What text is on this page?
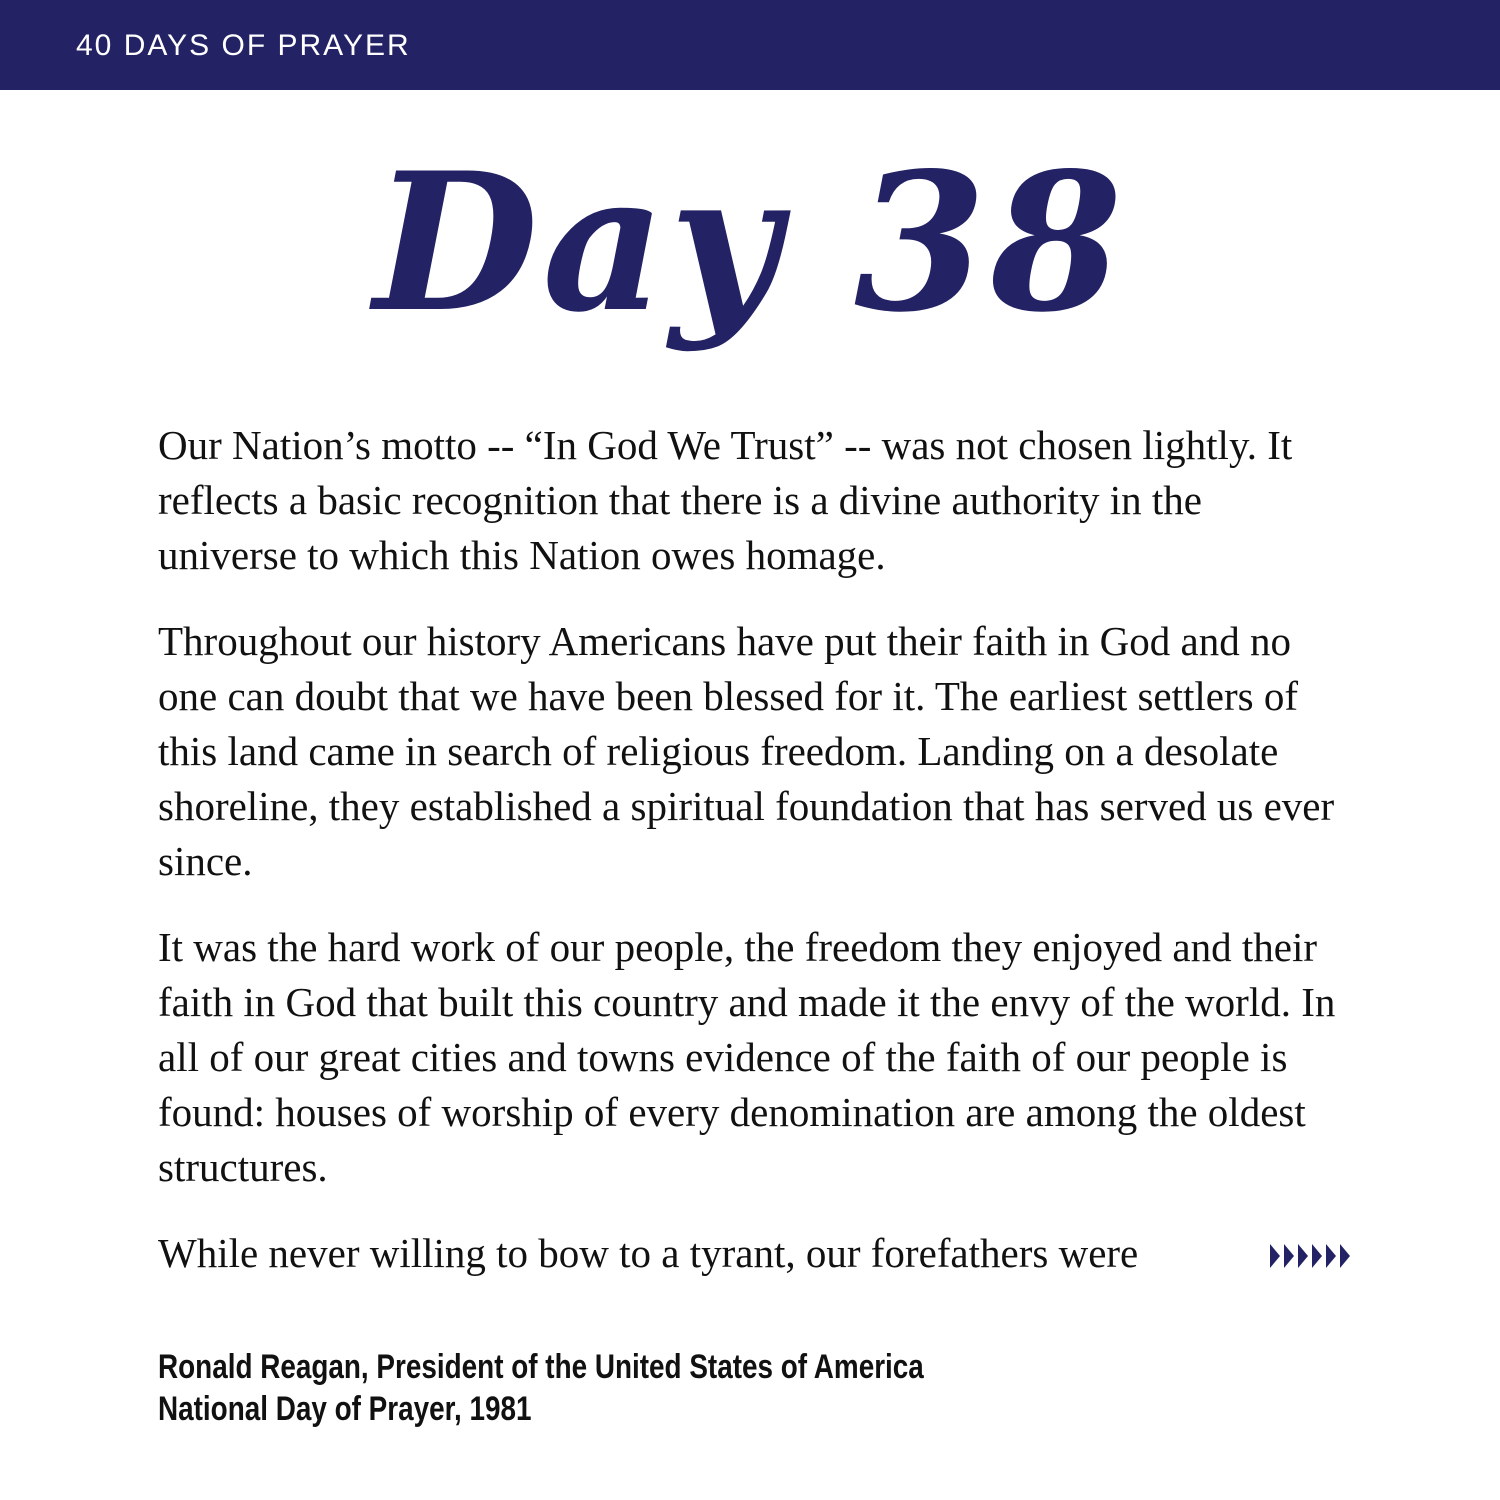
40 DAYS OF PRAYER
Day 38

Our Nation’s motto -- “In God We Trust” -- was not chosen lightly. It reflects a basic recognition that there is a divine authority in the universe to which this Nation owes homage.

Throughout our history Americans have put their faith in God and no one can doubt that we have been blessed for it. The earliest settlers of this land came in search of religious freedom. Landing on a desolate shoreline, they established a spiritual foundation that has served us ever since.

It was the hard work of our people, the freedom they enjoyed and their faith in God that built this country and made it the envy of the world. In all of our great cities and towns evidence of the faith of our people is found: houses of worship of every denomination are among the oldest structures.

While never willing to bow to a tyrant, our forefathers were

Ronald Reagan, President of the United States of America
National Day of Prayer, 1981
